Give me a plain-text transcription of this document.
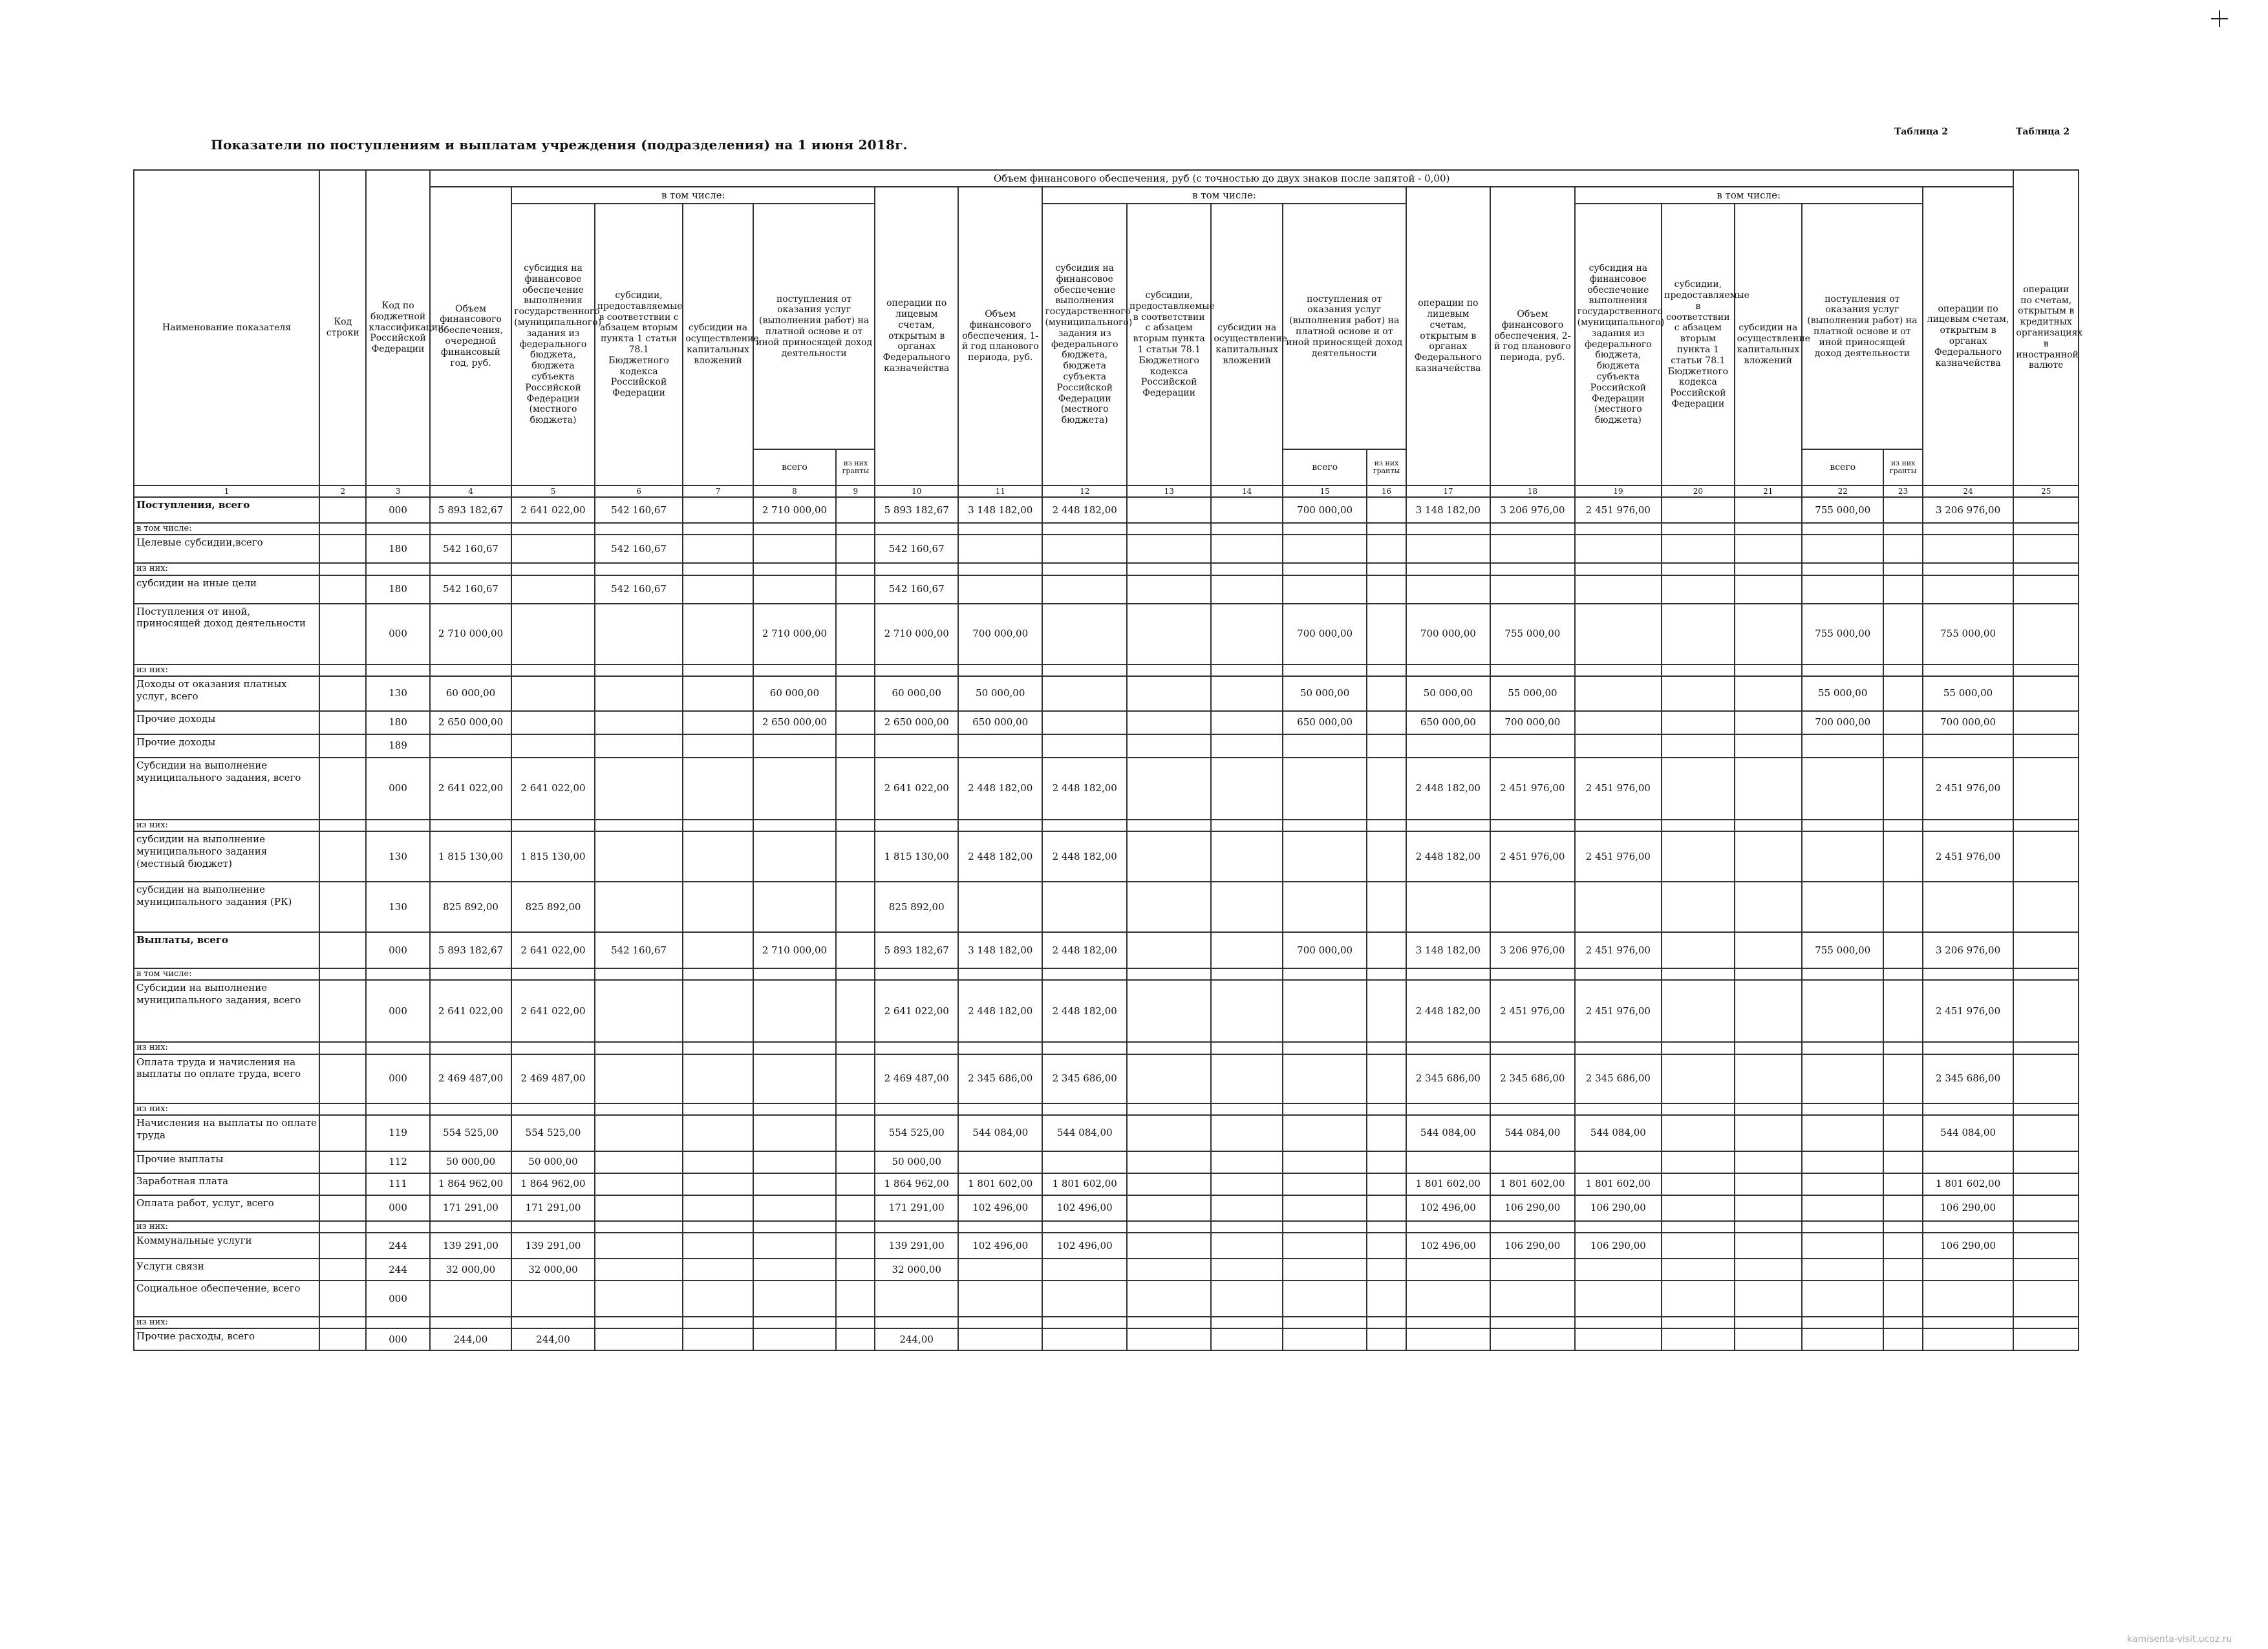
Таблица 2	Таблица 2
Показатели по поступлениям и выплатам учреждения (подразделения) на 1 июня 2018г.
Наименование показателя	Код строки	Код по бюджетной классификации Российской Федерации	Объем финансового обеспечения, руб (с точностью до двух знаков после запятой - 0,00)																					операции по счетам, открытым в кредитных организациях в иностранной валюте
			Объем финансового обеспечения, очередной финансовый год, руб.	в том числе:					операции по лицевым счетам, открытым в органах Федерального казначейства	Объем финансового обеспечения, 1-й год планового периода, руб.	в том числе:					операции по лицевым счетам, открытым в органах Федерального казначейства	Объем финансового обеспечения, 2-й год планового периода, руб.	в том числе:					операции по лицевым счетам, открытым в органах Федерального казначейства	
				субсидия на финансовое обеспечение выполнения государственного (муниципального) задания из федерального бюджета, бюджета субъекта Российской Федерации (местного бюджета)	субсидии, предоставляемые в соответствии с абзацем вторым пункта 1 статьи 78.1 Бюджетного кодекса Российской Федерации	субсидии на осуществление капитальных вложений	поступления от оказания услуг (выполнения работ) на платной основе и от иной приносящей доход деятельности				субсидия на финансовое обеспечение выполнения государственного (муниципального) задания из федерального бюджета, бюджета субъекта Российской Федерации (местного бюджета)	субсидии, предоставляемые в соответствии с абзацем вторым пункта 1 статьи 78.1 Бюджетного кодекса Российской Федерации	субсидии на осуществление капитальных вложений	поступления от оказания услуг (выполнения работ) на платной основе и от иной приносящей доход деятельности				субсидия на финансовое обеспечение выполнения государственного (муниципального) задания из федерального бюджета, бюджета субъекта Российской Федерации (местного бюджета)	субсидии, предоставляемые в соответствии с абзацем вторым пункта 1 статьи 78.1 Бюджетного кодекса Российской Федерации	субсидии на осуществление капитальных вложений	поступления от оказания услуг (выполнения работ) на платной основе и от иной приносящей доход деятельности			
							всего	из них гранты						всего	из них гранты						всего	из них гранты		
1	2	3	4	5	6	7	8	9	10	11	12	13	14	15	16	17	18	19	20	21	22	23	24	25
Поступления, всего		000	5 893 182,67	2 641 022,00	542 160,67		2 710 000,00		5 893 182,67	3 148 182,00	2 448 182,00			700 000,00		3 148 182,00	3 206 976,00	2 451 976,00			755 000,00		3 206 976,00	
в том числе:																								
Целевые субсидии,всего		180	542 160,67		542 160,67				542 160,67															
из них:																								
субсидии на иные цели		180	542 160,67		542 160,67				542 160,67															
Поступления от иной, приносящей доход деятельности		000	2 710 000,00				2 710 000,00		2 710 000,00	700 000,00				700 000,00		700 000,00	755 000,00				755 000,00		755 000,00	
из них:																								
Доходы от оказания платных услуг, всего		130	60 000,00				60 000,00		60 000,00	50 000,00				50 000,00		50 000,00	55 000,00				55 000,00		55 000,00	
Прочие доходы		180	2 650 000,00				2 650 000,00		2 650 000,00	650 000,00				650 000,00		650 000,00	700 000,00				700 000,00		700 000,00	
Прочие доходы		189																						
Субсидии на выполнение муниципального задания, всего		000	2 641 022,00	2 641 022,00					2 641 022,00	2 448 182,00	2 448 182,00					2 448 182,00	2 451 976,00	2 451 976,00					2 451 976,00	
из них:																								
субсидии на выполнение муниципального задания (местный бюджет)		130	1 815 130,00	1 815 130,00					1 815 130,00	2 448 182,00	2 448 182,00					2 448 182,00	2 451 976,00	2 451 976,00					2 451 976,00	
субсидии на выполнение муниципального задания (РК)		130	825 892,00	825 892,00					825 892,00															
Выплаты, всего		000	5 893 182,67	2 641 022,00	542 160,67		2 710 000,00		5 893 182,67	3 148 182,00	2 448 182,00			700 000,00		3 148 182,00	3 206 976,00	2 451 976,00			755 000,00		3 206 976,00	
в том числе:																								
Субсидии на выполнение муниципального задания, всего		000	2 641 022,00	2 641 022,00					2 641 022,00	2 448 182,00	2 448 182,00					2 448 182,00	2 451 976,00	2 451 976,00					2 451 976,00	
из них:																								
Оплата труда и начисления на выплаты по оплате труда, всего		000	2 469 487,00	2 469 487,00					2 469 487,00	2 345 686,00	2 345 686,00					2 345 686,00	2 345 686,00	2 345 686,00					2 345 686,00	
из них:																								
Начисления на выплаты по оплате труда		119	554 525,00	554 525,00					554 525,00	544 084,00	544 084,00					544 084,00	544 084,00	544 084,00					544 084,00	
Прочие выплаты		112	50 000,00	50 000,00					50 000,00															
Заработная плата		111	1 864 962,00	1 864 962,00					1 864 962,00	1 801 602,00	1 801 602,00					1 801 602,00	1 801 602,00	1 801 602,00					1 801 602,00	
Оплата работ, услуг, всего		000	171 291,00	171 291,00					171 291,00	102 496,00	102 496,00					102 496,00	106 290,00	106 290,00					106 290,00	
из них:																								
Коммунальные услуги		244	139 291,00	139 291,00					139 291,00	102 496,00	102 496,00					102 496,00	106 290,00	106 290,00					106 290,00	
Услуги связи		244	32 000,00	32 000,00					32 000,00															
Социальное обеспечение, всего		000																						
из них:																								
Прочие расходы, всего		000	244,00	244,00					244,00															
kamisenta-visit.ucoz.ru
